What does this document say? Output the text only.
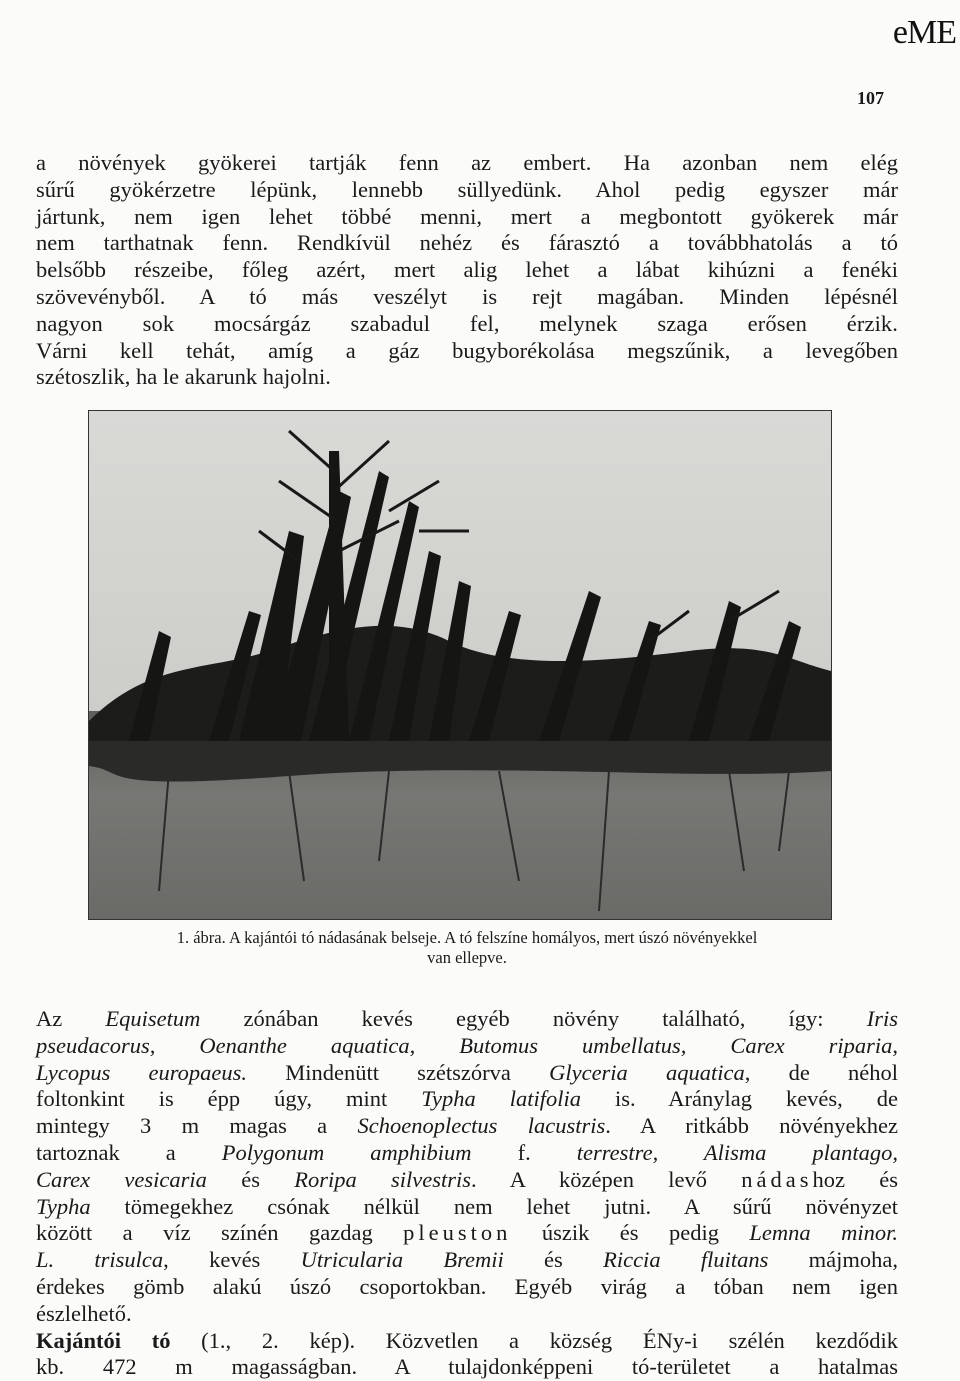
eME
107
a növények gyökerei tartják fenn az embert. Ha azonban nem elég
sűrű gyökérzetre lépünk, lennebb süllyedünk. Ahol pedig egyszer már
jártunk, nem igen lehet többé menni, mert a megbontott gyökerek már
nem tarthatnak fenn. Rendkívül nehéz és fárasztó a továbbhatolás a tó
belsőbb részeibe, főleg azért, mert alig lehet a lábat kihúzni a fenéki
szövevényből. A tó más veszélyt is rejt magában. Minden lépésnél
nagyon sok mocsárgáz szabadul fel, melynek szaga erősen érzik.
Várni kell tehát, amíg a gáz bugyborékolása megszűnik, a levegőben
szétoszlik, ha le akarunk hajolni.
1. ábra. A kajántói tó nádasának belseje. A tó felszíne homályos, mert úszó növényekkel
van ellepve.
Az Equisetum zónában kevés egyéb növény található, így: Iris
pseudacorus, Oenanthe aquatica, Butomus umbellatus, Carex riparia,
Lycopus europaeus. Mindenütt szétszórva Glyceria aquatica, de néhol
foltonkint is épp úgy, mint Typha latifolia is. Aránylag kevés, de
mintegy 3 m magas a Schoenoplectus lacustris. A ritkább növényekhez
tartoznak a Polygonum amphibium f. terrestre, Alisma plantago,
Carex vesicaria és Roripa silvestris. A középen levő nádashoz és
Typha tömegekhez csónak nélkül nem lehet jutni. A sűrű növényzet
között a víz színén gazdag pleuston úszik és pedig Lemna minor.
L. trisulca, kevés Utricularia Bremii és Riccia fluitans májmoha,
érdekes gömb alakú úszó csoportokban. Egyéb virág a tóban nem igen
észlelhető.
Kajántói tó (1., 2. kép). Közvetlen a község ÉNy-i szélén kezdődik
kb. 472 m magasságban. A tulajdonképpeni tó-területet a hatalmas
